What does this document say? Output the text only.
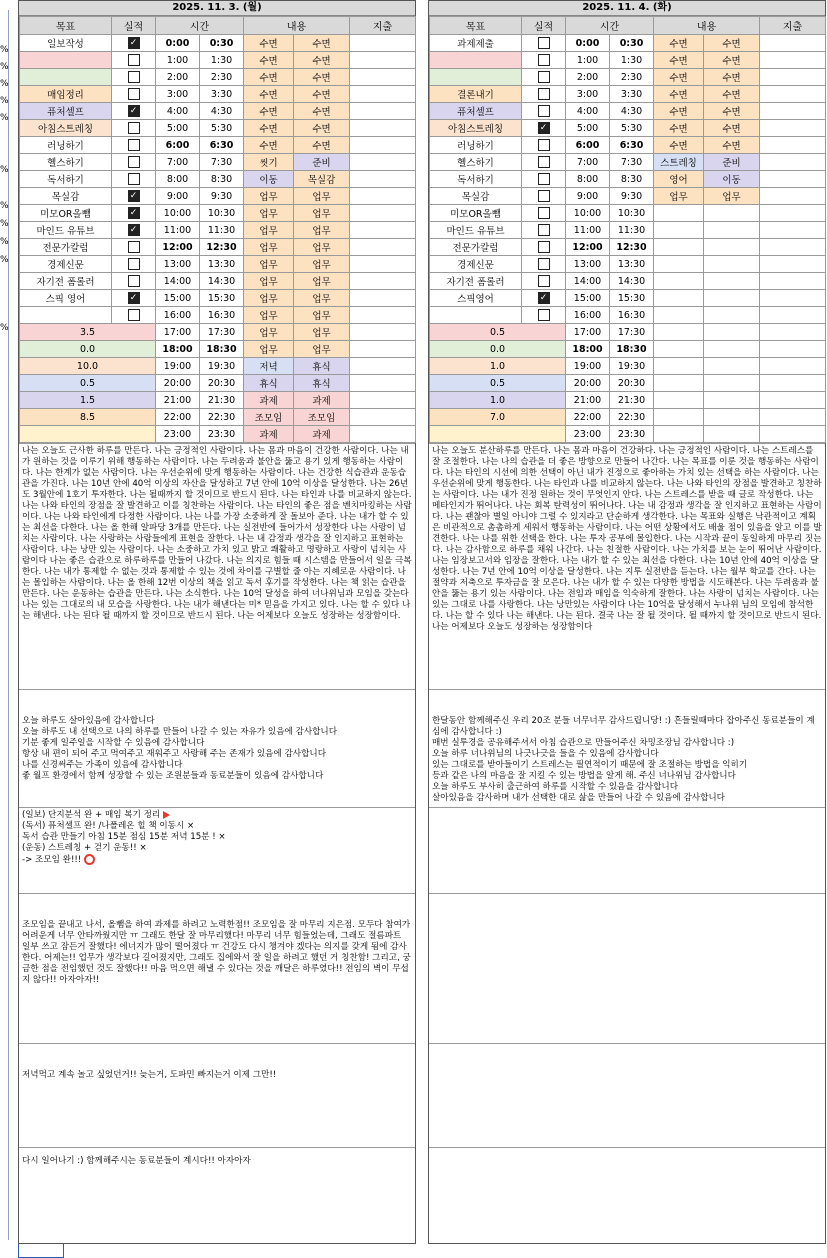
%
%
%
%
%
%
%
%
%
%
%
2025. 11. 3. (월)
목표	실적	시간		내용		지출
일보작성	✓	0:00	0:30	수면	수면	
		1:00	1:30	수면	수면	
		2:00	2:30	수면	수면	
매임정리		3:00	3:30	수면	수면	
퓨처셀프	✓	4:00	4:30	수면	수면	
아침스트레칭		5:00	5:30	수면	수면	
러닝하기		6:00	6:30	수면	수면	
헬스하기		7:00	7:30	씻기	준비	
독서하기		8:00	8:30	이동	목실감	
목실감	✓	9:00	9:30	업무	업무	
미모OR올뺌	✓	10:00	10:30	업무	업무	
마인드 유튜브	✓	11:00	11:30	업무	업무	
전문가칼럼		12:00	12:30	업무	업무	
경제신문		13:00	13:30	업무	업무	
자기전 폼롤러		14:00	14:30	업무	업무	
스픽 영어	✓	15:00	15:30	업무	업무	
		16:00	16:30	업무	업무	
3.5		17:00	17:30	업무	업무	
0.0		18:00	18:30	업무	업무	
10.0		19:00	19:30	저녁	휴식	
0.5		20:00	20:30	휴식	휴식	
1.5		21:00	21:30	과제	과제	
8.5		22:00	22:30	조모임	조모임	
		23:00	23:30	과제	과제	
나는 오늘도 근사한 하루를 만든다. 나는 긍정적인 사람이다. 나는 몸과 마음이 건강한 사람이다. 나는 내가 원하는 것을 이루기 위해 행동하는 사람이다. 나는 두려움과 불안을 뚫고 용기 있게 행동하는 사람이다. 나는 한계가 없는 사람이다. 나는 우선순위에 맞게 행동하는 사람이다. 나는 건강한 식습관과 운동습관을 가진다. 나는 10년 안에 40억 이상의 자산을 달성하고 7년 안에 10억 이상을 달성한다. 나는 26년도 3월안에 1호기 투자한다. 나는 될때까지 할 것이므로 반드시 된다. 나는 타인과 나를 비교하지 않는다. 나는 나와 타인의 장점을 잘 발견하고 이를 칭찬하는 사람이다. 나는 타인의 좋은 점을 벤치마킹하는 사람이다. 나는 나와 타인에게 다정한 사람이다. 나는 나를 가장 소중하게 잘 돌보아 준다. 나는 내가 할 수 있는 최선을 다한다. 나는 올 한해 알파당 3개를 만든다. 나는 실전반에 들어가서 성장한다 나는 사랑이 넘치는 사람이다. 나는 사랑하는 사람들에게 표현을 잘한다. 나는 내 감정과 생각을 잘 인지하고 표현하는 사람이다. 나는 낭만 있는 사람이다. 나는 소중하고 가치 있고 밝고 쾌활하고 명랑하고 사랑이 넘치는 사람이다 나는 좋은 습관으로 하루하루를 만들어 나갔다. 나는 의지로 힘들 때 시스템을 만들어서 일을 극복한다. 나는 내가 통제할 수 없는 것과 통제할 수 있는 것에 차이를 구별할 줄 아는 지혜로운 사람이다. 나는 몰입하는 사람이다. 나는 올 한해 12번 이상의 책을 읽고 독서 후기를 작성한다. 나는 책 읽는 습관을 만든다. 나는 운동하는 습관을 만든다. 나는 소식한다. 나는 10억 달성을 하여 너나위님과 모임을 갖는다 나는 있는 그대로의 내 모습을 사랑한다. 나는 내가 해낸다는 미* 믿음을 가지고 있다. 나는 할 수 있다 나는 해낸다. 나는 된다 될 때까지 할 것이므로 반드시 된다. 나는 어제보다 오늘도 성장하는 성장함이다.
오늘 하루도 살아있음에 감사합니다
오늘 하루도 내 선택으로 나의 하루를 만들어 나갈 수 있는 자유가 있음에 감사합니다
기분 좋게 일주일을 시작할 수 있음에 감사합니다
항상 내 편이 되어 주고 먹여주고 재워주고 사랑해 주는 존재가 있음에 감사합니다
나를 신경써주는 가족이 있음에 감사합니다
좋 월프 환경에서 함께 성장할 수 있는 조원분들과 동료분들이 있음에 감사합니다
(일보) 단지분석 완 + 매임 복기 정리
(독서) 퓨처셀프 완! /나폴레온 힐 책 이동시 ×
독서 습관 만들기 아침 15분 점심 15분 저녁 15분 ! ×
(운동) 스트레칭 + 걷기 운동!! ×
-> 조모임 완!!!
조모임을 끝내고 나서, 올뺌을 하여 과제를 하려고 노력한점!! 조모임을 잘 마무리 지은점. 모두다 참여가 어려운게 너무 안타까웠지만 ㅠ 그래도 한달 잘 마무리했다! 마무리 너무 힘들었는데, 그래도 절름파트 일부 쓰고 잠든거 잘했다! 에너지가 많이 떨어졌다 ㅠ 건강도 다시 챙겨야 겠다는 의지를 갖게 됨에 감사한다. 어제는!! 업무가 생각보다 길어졌지만, 그래도 집에와서 잘 일을 하려고 했던 거 칭찬함! 그리고, 궁금한 점을 전임했던 것도 잘했다!! 마음 먹으면 해낼 수 있다는 것을 깨달은 하루였다!! 전임의 벽이 무섭지 않다!! 아자아자!!
저녁먹고 계속 놀고 싶었던거!! 늦는거, 도파민 빠지는거 이제 그만!!
다시 일어나기 :) 함께해주시는 동료분들이 계시다!! 아자아자
2025. 11. 4. (화)
목표	실적	시간		내용		지출
과제제출		0:00	0:30	수면	수면	
		1:00	1:30	수면	수면	
		2:00	2:30	수면	수면	
결론내기		3:00	3:30	수면	수면	
퓨처셀프		4:00	4:30	수면	수면	
아침스트레칭	✓	5:00	5:30	수면	수면	
러닝하기		6:00	6:30	수면	수면	
헬스하기		7:00	7:30	스트레칭	준비	
독서하기		8:00	8:30	영어	이동	
목실감		9:00	9:30	업무	업무	
미모OR올뺌		10:00	10:30			
마인드 유튜브		11:00	11:30			
전문가칼럼		12:00	12:30			
경제신문		13:00	13:30			
자기전 폼롤러		14:00	14:30			
스픽영어	✓	15:00	15:30			
		16:00	16:30			
0.5		17:00	17:30			
0.0		18:00	18:30			
1.0		19:00	19:30			
0.5		20:00	20:30			
1.0		21:00	21:30			
7.0		22:00	22:30			
		23:00	23:30			
나는 오늘도 분산하루를 만든다. 나는 몸과 마음이 건강하다. 나는 긍정적인 사람이다. 나는 스트레스를 잘 조절한다. 나는 나의 습관을 더 좋은 방향으로 만들어 나간다. 나는 목표를 이룬 것을 행동하는 사람이다. 나는 타인의 시선에 의한 선택이 아닌 내가 진정으로 좋아하는 가치 있는 선택을 하는 사람이다. 나는 우선순위에 맞게 행동한다. 나는 타인과 나를 비교하지 않는다. 나는 나와 타인의 장점을 발견하고 칭찬하는 사람이다. 나는 내가 진정 원하는 것이 무엇인지 안다. 나는 스트레스를 받을 때 글로 작성한다. 나는 메타인지가 뛰어나다. 나는 회복 탄력성이 뛰어나다. 나는 내 감정과 생각을 잘 인지하고 표현하는 사람이다. 나는 괜찮아 별일 아니야 그럴 수 있지라고 단순하게 생각한다. 나는 목표와 실행은 낙관적이고 계획은 비관적으로 촘촘하게 세워서 행동하는 사람이다. 나는 어떤 상황에서도 배울 점이 있음을 알고 이를 발견한다. 나는 나를 위한 선택을 한다. 나는 투자 공부에 몰입한다. 나는 시작과 끝이 동일하게 마무리 짓는다. 나는 감사함으로 하루를 채워 나간다. 나는 친절한 사람이다. 나는 가치를 보는 눈이 뛰어난 사람이다. 나는 임장보고서와 임장을 잘한다. 나는 내가 할 수 있는 최선을 다한다. 나는 10년 안에 40억 이상을 달성한다. 나는 7년 안에 10억 이상을 달성한다. 나는 지투 실전반을 듣는다. 나는 월부 학교를 간다. 나는 절약과 저축으로 투자금을 잘 모은다. 나는 내가 할 수 있는 다양한 방법을 시도해본다. 나는 두려움과 불안을 뚫는 용기 있는 사람이다. 나는 전임과 매임을 익숙하게 잘한다. 나는 사랑이 넘치는 사람이다. 나는 있는 그대로 나를 사랑한다. 나는 낭만있는 사람이다 나는 10억을 달성해서 누나위 님의 모임에 참석한다. 나는 할 수 있다 나는 해낸다. 나는 된다. 결국 나는 잘 될 것이다. 될 때까지 할 것이므로 반드시 된다. 나는 어제보다 오늘도 성장하는 성장함이다
한달동안 함께해주신 우리 20조 분들 너무너무 감사드립니당! :) 흔들릴때마다 잡아주신 동료분들이 계심에 감사합니다 :)
매번 실투경을 공유해주셔서 아침 습관으로 만들어주신 차밍조장님 감사합니다 :)
오늘 하루 너나위님의 나긋나긋을 들을 수 있음에 감사합니다
있는 그대로를 받아들이기 스트레스는 필연적이기 때문에 잘 조절하는 방법을 익히기
등과 같은 나의 마음을 잘 지킬 수 있는 방법을 알게 해. 주신 너나위님 감사합니다
오늘 하루도 부사히 출근하여 하루를 시작할 수 있음을 감사합니다
살아있음을 감사하며 내가 선택한 대로 삶을 만들어 나갈 수 있음에 감사합니다
